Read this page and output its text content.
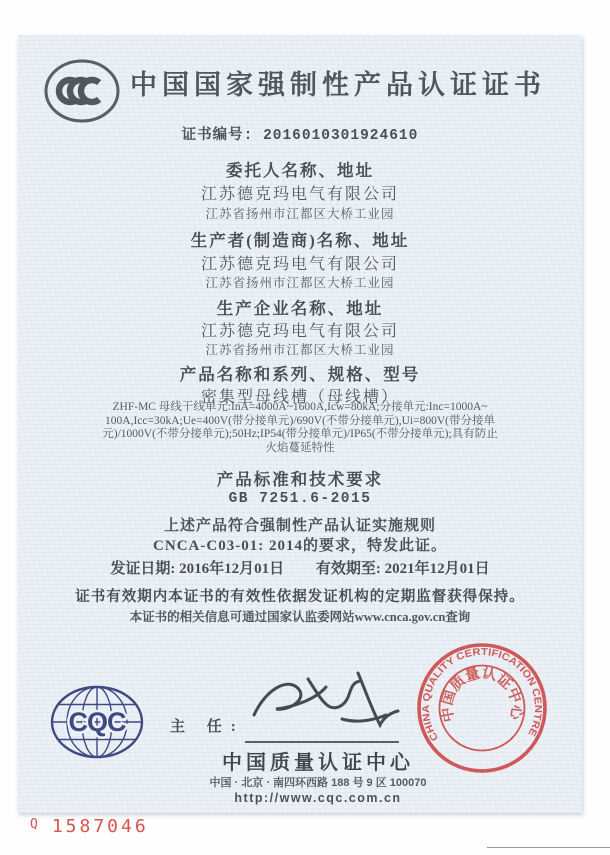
中国国家强制性产品认证证书
证书编号: 2016010301924610
委托人名称、地址
江苏德克玛电气有限公司
江苏省扬州市江都区大桥工业园
生产者(制造商)名称、地址
江苏德克玛电气有限公司
江苏省扬州市江都区大桥工业园
生产企业名称、地址
江苏德克玛电气有限公司
江苏省扬州市江都区大桥工业园
产品名称和系列、规格、型号
密集型母线槽（母线槽）
ZHF-MC 母线干线单元:InA=4000A~1600A,Icw=80kA;分接单元:Inc=1000A~
100A,Icc=30kA;Ue=400V(带分接单元)/690V(不带分接单元),Ui=800V(带分接单
元)/1000V(不带分接单元);50Hz;IP54(带分接单元)/IP65(不带分接单元);具有防止
火焰蔓延特性
产品标准和技术要求
GB 7251.6-2015
上述产品符合强制性产品认证实施规则
CNCA-C03-01: 2014的要求，特发此证。
发证日期: 2016年12月01日 有效期至: 2021年12月01日
证书有效期内本证书的有效性依据发证机构的定期监督获得保持。
本证书的相关信息可通过国家认监委网站www.cnca.gov.cn查询
CQC	主 任:
中国质量认证中心
中国 · 北京 · 南四环西路 188 号 9 区 100070
http://www.cqc.com.cn
CHINA QUALITY CERTIFICATION CENTRE
中国质量认证中心
$^Q$ 1587046
